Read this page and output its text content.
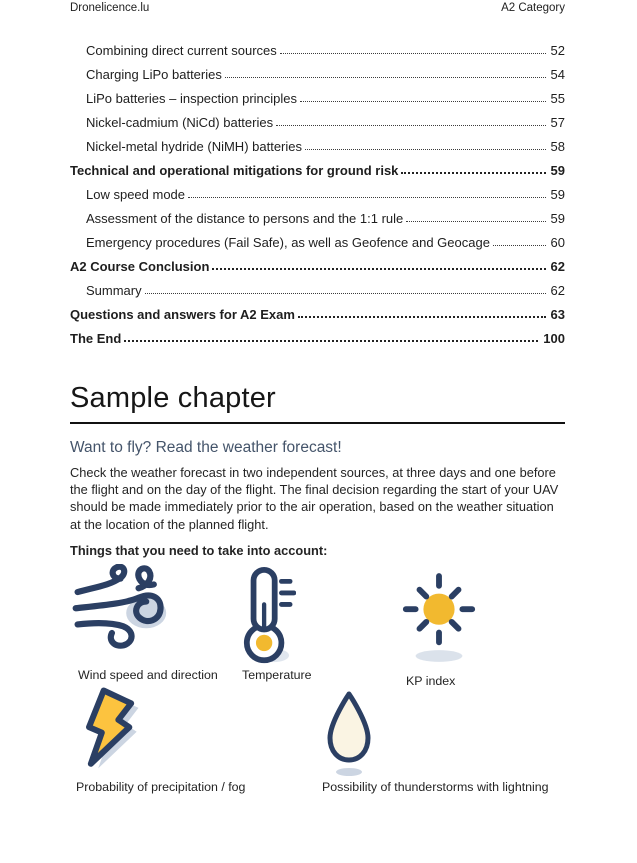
Dronelicence.lu	A2 Category
Combining direct current sources	52
Charging LiPo batteries	54
LiPo batteries – inspection principles	55
Nickel-cadmium (NiCd) batteries	57
Nickel-metal hydride (NiMH) batteries	58
Technical and operational mitigations for ground risk	59
Low speed mode	59
Assessment of the distance to persons and the 1:1 rule	59
Emergency procedures (Fail Safe), as well as Geofence and Geocage	60
A2 Course Conclusion	62
Summary	62
Questions and answers for A2 Exam	63
The End	100
Sample chapter
Want to fly? Read the weather forecast!
Check the weather forecast in two independent sources, at three days and one before the flight and on the day of the flight. The final decision regarding the start of your UAV should be made immediately prior to the air operation, based on the weather situation at the location of the planned flight.
Things that you need to take into account:
Wind speed and direction Temperature	KP index
Probability of precipitation / fog	Possibility of thunderstorms with lightning
